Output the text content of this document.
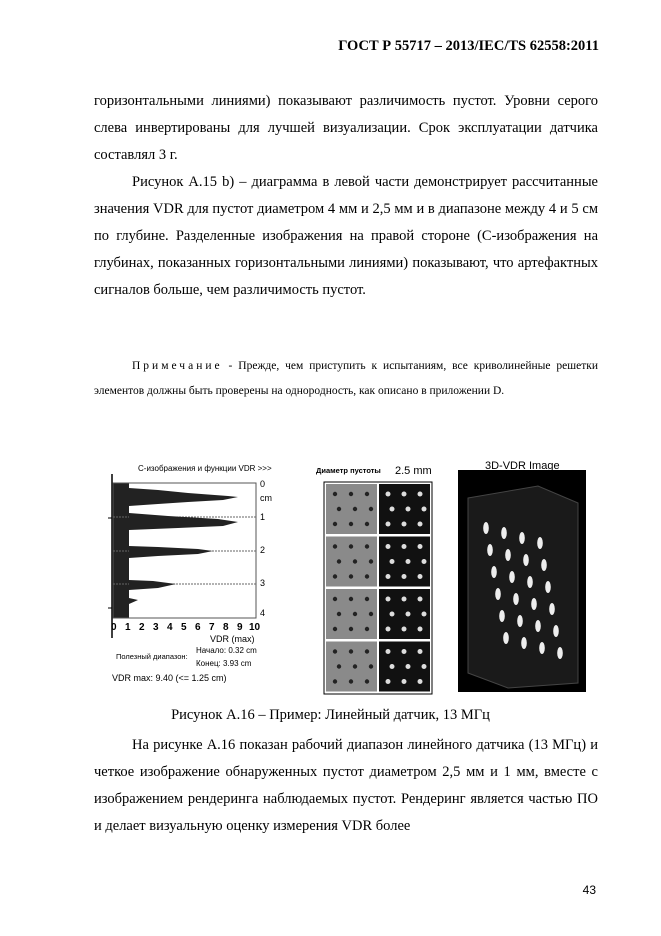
ГОСТ Р 55717 – 2013/IEC/TS 62558:2011
горизонтальными линиями) показывают различимость пустот. Уровни серого слева инвертированы для лучшей визуализации. Срок эксплуатации датчика составлял 3 г.
Рисунок А.15 b) – диаграмма в левой части демонстрирует рассчитанные значения VDR для пустот диаметром 4 мм и 2,5 мм и в диапазоне между 4 и 5 см по глубине. Разделенные изображения на правой стороне (С-изображения на глубинах, показанных горизонтальными линиями) показывают, что артефактных сигналов больше, чем различимость пустот.
Примечание - Прежде, чем приступить к испытаниям, все криволинейные решетки элементов должны быть проверены на однородность, как описано в приложении D.
С-изображения и функции VDR >>>
0
cm
1
2
3
4
0 1 2 3 4 5 6 7 8 9 10
VDR (max)
Полезный диапазон:
Начало: 0.32 cm
Конец: 3.93 cm
VDR max: 9.40 (<= 1.25 cm)
Диаметр пустоты 2.5 mm	3D-VDR Image
Рисунок А.16 – Пример: Линейный датчик, 13 МГц
На рисунке А.16 показан рабочий диапазон линейного датчика (13 МГц) и четкое изображение обнаруженных пустот диаметром 2,5 мм и 1 мм, вместе с изображением рендеринга наблюдаемых пустот. Рендеринг является частью ПО и делает визуальную оценку измерения VDR более
43
